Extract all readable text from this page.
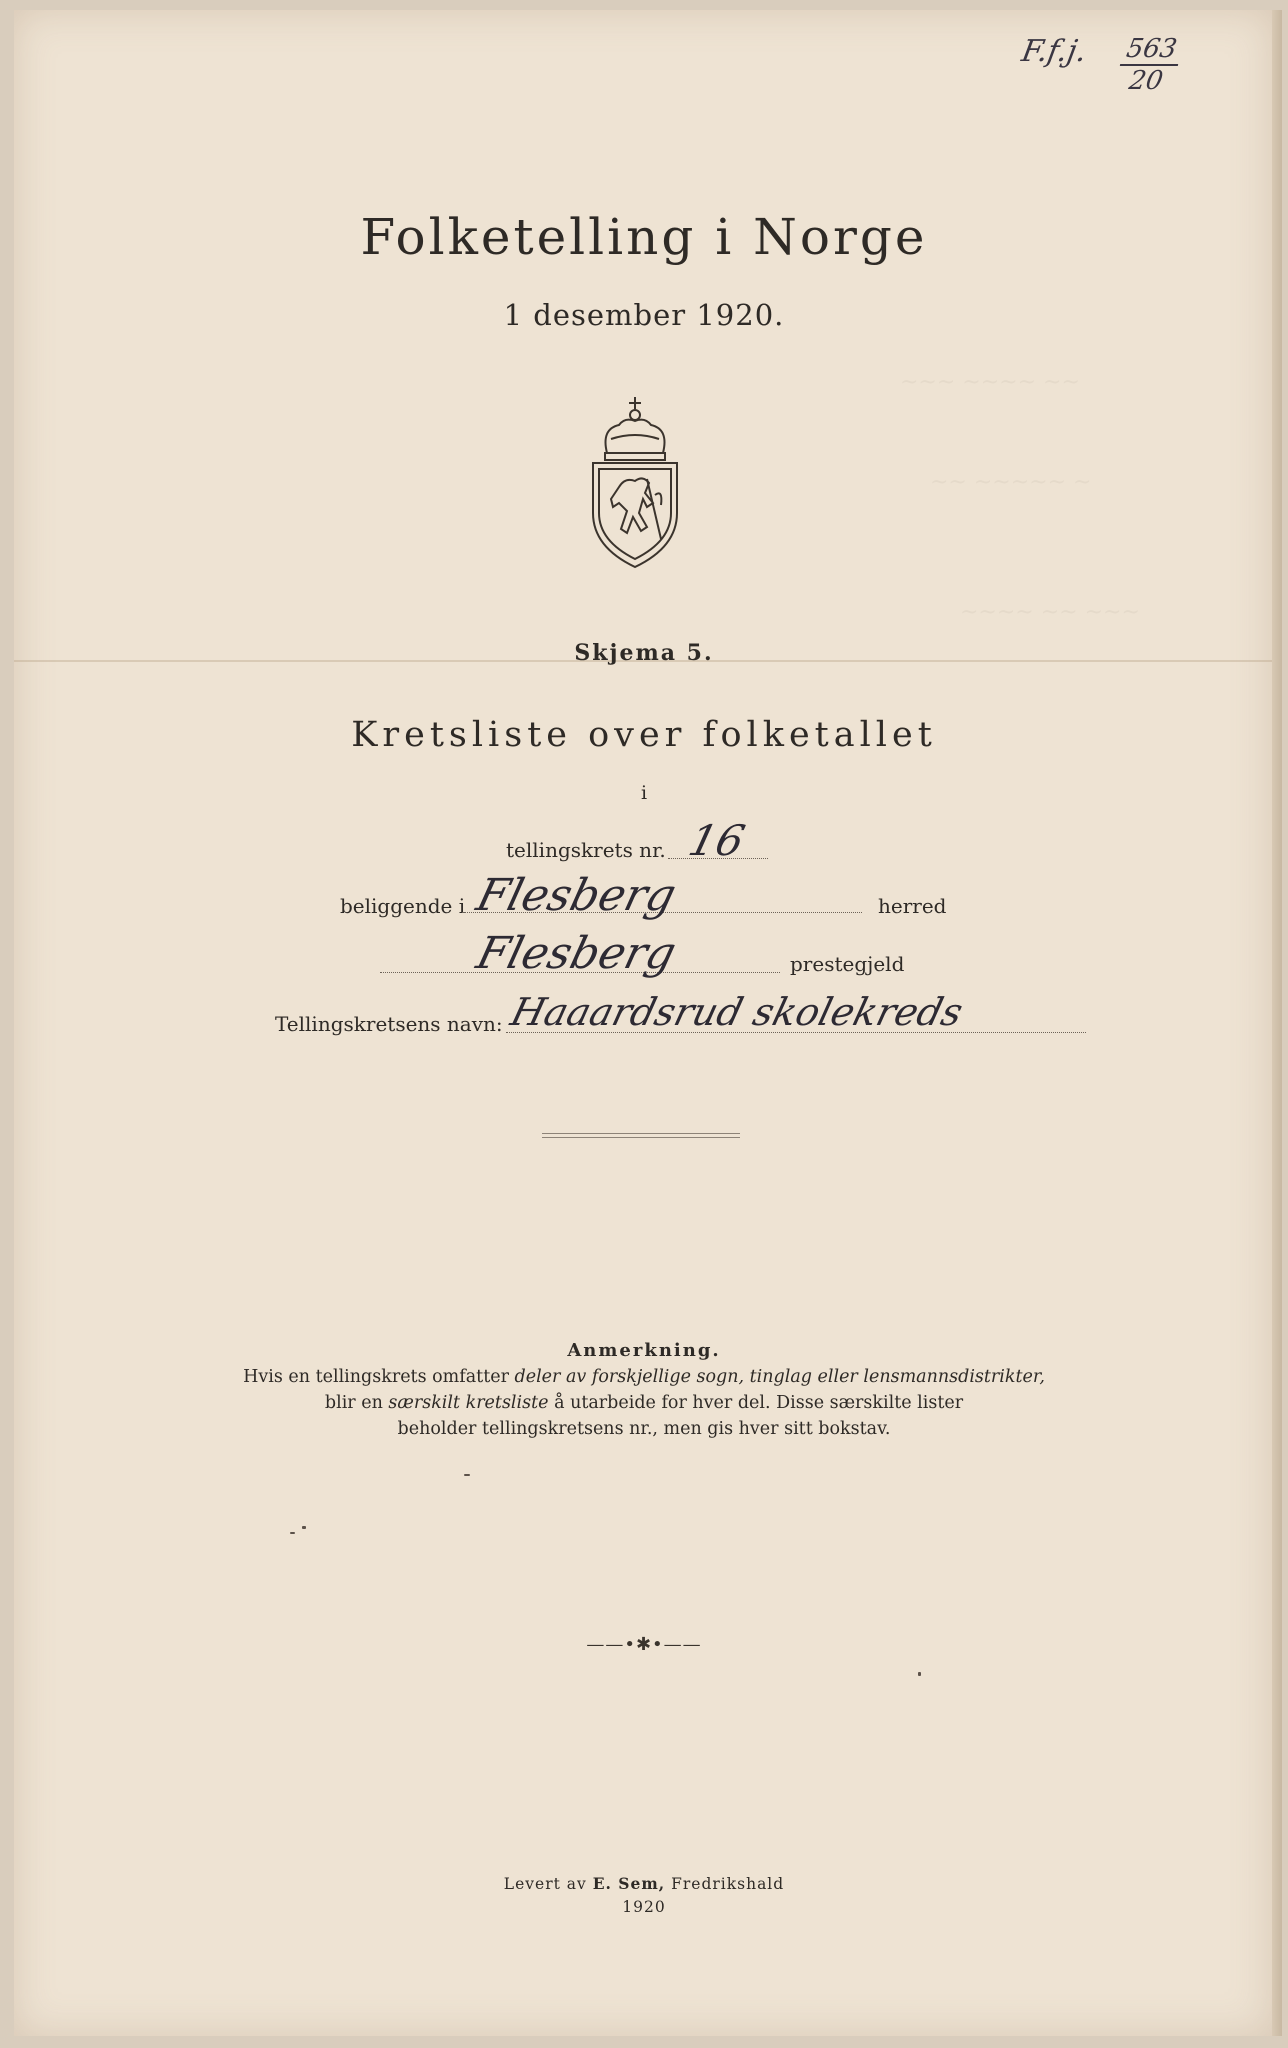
~~~ ~~~~ ~~
~~ ~~~~~ ~
~~~~ ~~ ~~~
F.f.j. $\frac{563}{20}$
Folketelling i Norge
1 desember 1920.
Skjema 5.
Kretsliste over folketallet
i
tellingskrets nr. 16
beliggende i Flesberg	herred
Flesberg	prestegjeld
Tellingskretsens navn: Haaardsrud skolekreds
Anmerkning.
Hvis en tellingskrets omfatter deler av forskjellige sogn, tinglag eller lensmannsdistrikter,
blir en særskilt kretsliste å utarbeide for hver del. Disse særskilte lister
beholder tellingskretsens nr., men gis hver sitt bokstav.
——•✱•——
Levert av E. Sem, Fredrikshald
1920
